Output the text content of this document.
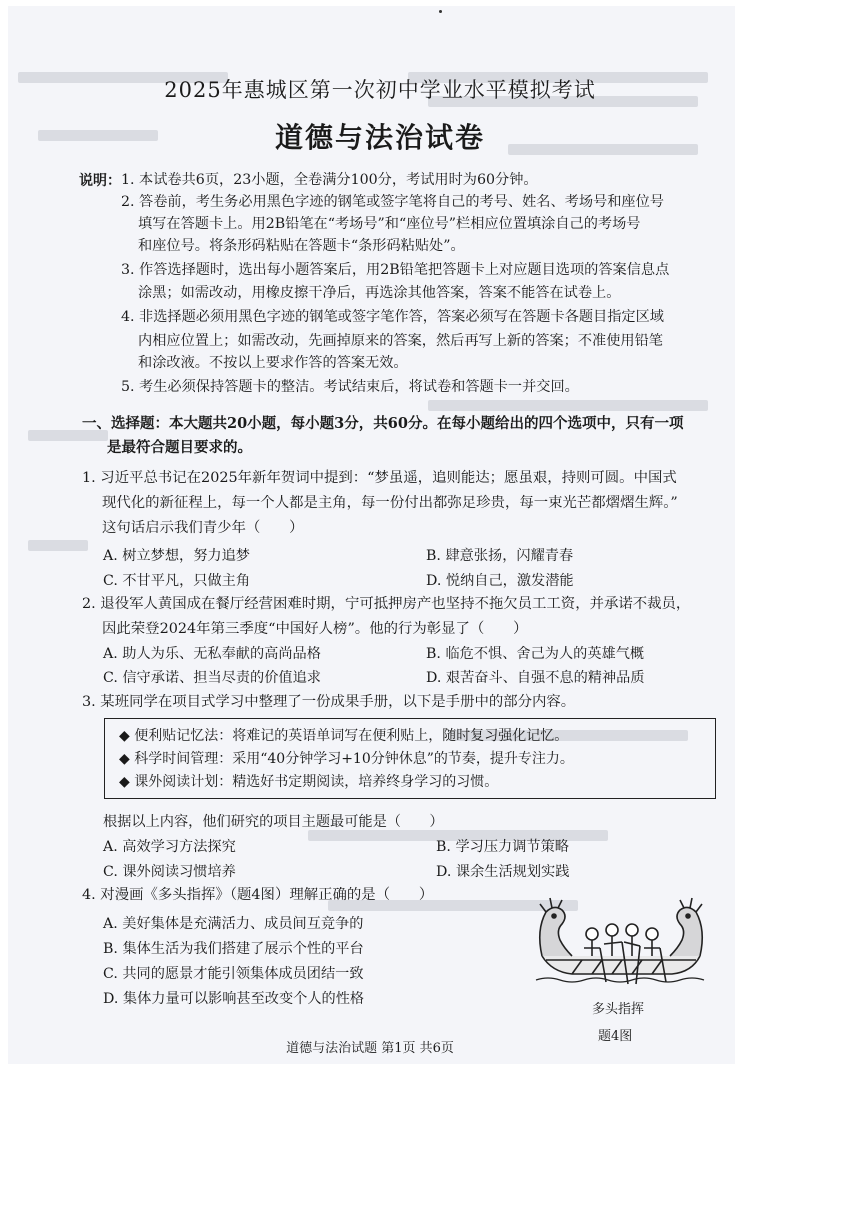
2025年惠城区第一次初中学业水平模拟考试
道德与法治试卷
说明： 1. 本试卷共6页，23小题，全卷满分100分，考试用时为60分钟。
2. 答卷前，考生务必用黑色字迹的钢笔或签字笔将自己的考号、姓名、考场号和座位号
填写在答题卡上。用2B铅笔在“考场号”和“座位号”栏相应位置填涂自己的考场号
和座位号。将条形码粘贴在答题卡“条形码粘贴处”。
3. 作答选择题时，选出每小题答案后，用2B铅笔把答题卡上对应题目选项的答案信息点
涂黑；如需改动，用橡皮擦干净后，再选涂其他答案，答案不能答在试卷上。
4. 非选择题必须用黑色字迹的钢笔或签字笔作答，答案必须写在答题卡各题目指定区域
内相应位置上；如需改动，先画掉原来的答案，然后再写上新的答案；不准使用铅笔
和涂改液。不按以上要求作答的答案无效。
5. 考生必须保持答题卡的整洁。考试结束后，将试卷和答题卡一并交回。
一、选择题：本大题共20小题，每小题3分，共60分。在每小题给出的四个选项中，只有一项
是最符合题目要求的。
1. 习近平总书记在2025年新年贺词中提到：“梦虽遥，追则能达；愿虽艰，持则可圆。中国式
现代化的新征程上，每一个人都是主角，每一份付出都弥足珍贵，每一束光芒都熠熠生辉。”
这句话启示我们青少年（　　）
A. 树立梦想，努力追梦	B. 肆意张扬，闪耀青春
C. 不甘平凡，只做主角	D. 悦纳自己，激发潜能
2. 退役军人黄国成在餐厅经营困难时期，宁可抵押房产也坚持不拖欠员工工资，并承诺不裁员，
因此荣登2024年第三季度“中国好人榜”。他的行为彰显了（　　）
A. 助人为乐、无私奉献的高尚品格	B. 临危不惧、舍己为人的英雄气概
C. 信守承诺、担当尽责的价值追求	D. 艰苦奋斗、自强不息的精神品质
3. 某班同学在项目式学习中整理了一份成果手册，以下是手册中的部分内容。
◆ 便利贴记忆法：将难记的英语单词写在便利贴上，随时复习强化记忆。
◆ 科学时间管理：采用“40分钟学习+10分钟休息”的节奏，提升专注力。
◆ 课外阅读计划：精选好书定期阅读，培养终身学习的习惯。
根据以上内容，他们研究的项目主题最可能是（　　）
A. 高效学习方法探究	B. 学习压力调节策略
C. 课外阅读习惯培养	D. 课余生活规划实践
4. 对漫画《多头指挥》（题4图）理解正确的是（　　）
A. 美好集体是充满活力、成员间互竞争的
B. 集体生活为我们搭建了展示个性的平台
C. 共同的愿景才能引领集体成员团结一致
D. 集体力量可以影响甚至改变个人的性格
多头指挥
题4图
道德与法治试题 第1页 共6页
